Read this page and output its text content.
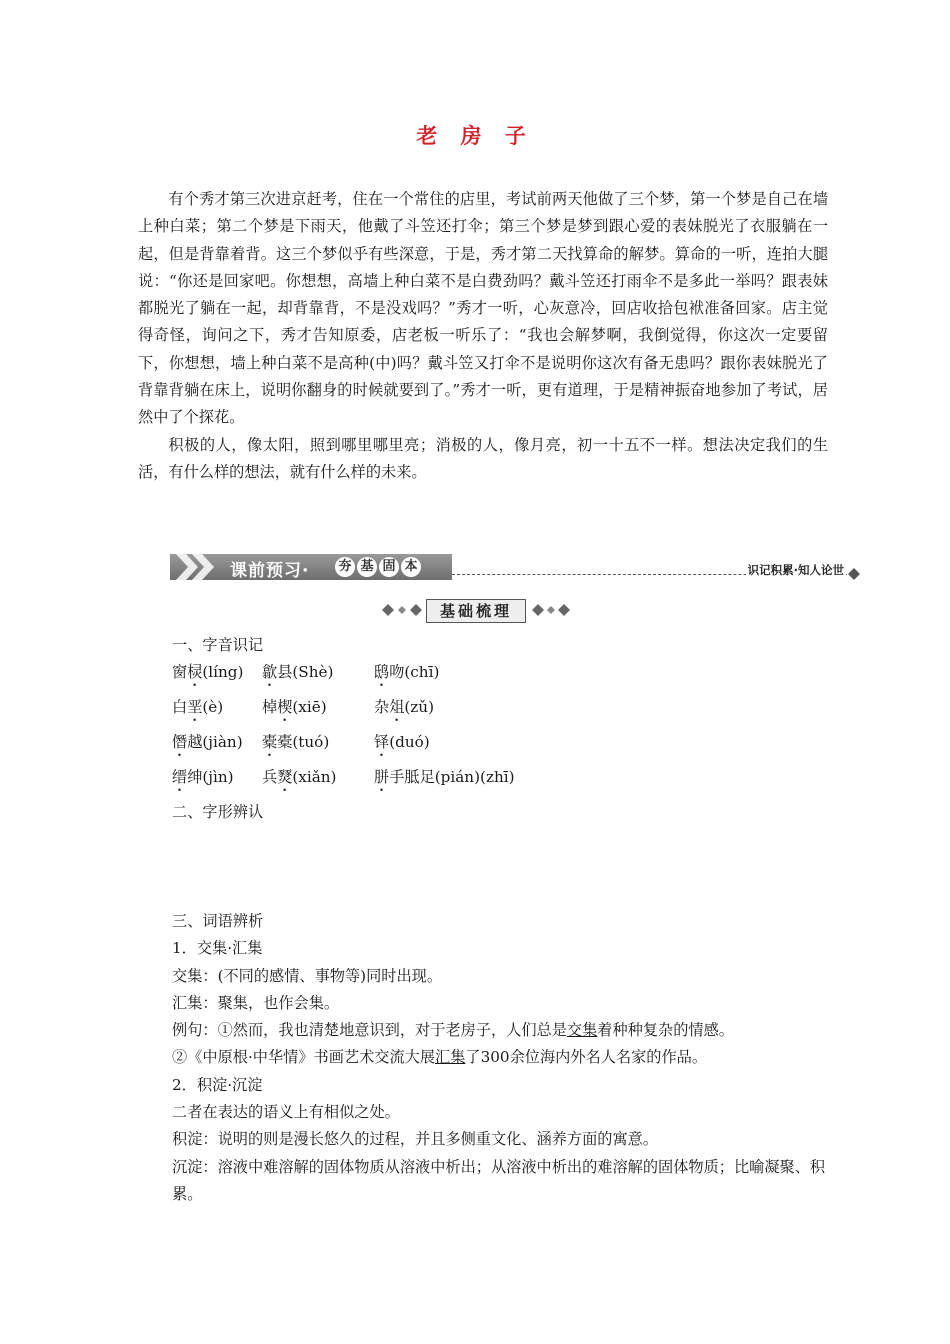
老 房 子

有个秀才第三次进京赶考，住在一个常住的店里，考试前两天他做了三个梦，第一个梦是自己在墙上种白菜；第二个梦是下雨天，他戴了斗笠还打伞；第三个梦是梦到跟心爱的表妹脱光了衣服躺在一起，但是背靠着背。这三个梦似乎有些深意，于是，秀才第二天找算命的解梦。算命的一听，连拍大腿说：“你还是回家吧。你想想，高墙上种白菜不是白费劲吗？戴斗笠还打雨伞不是多此一举吗？跟表妹都脱光了躺在一起，却背靠背，不是没戏吗？”秀才一听，心灰意冷，回店收拾包袱准备回家。店主觉得奇怪，询问之下，秀才告知原委，店老板一听乐了：“我也会解梦啊，我倒觉得，你这次一定要留下，你想想，墙上种白菜不是高种(中)吗？戴斗笠又打伞不是说明你这次有备无患吗？跟你表妹脱光了背靠背躺在床上，说明你翻身的时候就要到了。”秀才一听，更有道理，于是精神振奋地参加了考试，居然中了个探花。

积极的人，像太阳，照到哪里哪里亮；消极的人，像月亮，初一十五不一样。想法决定我们的生活，有什么样的想法，就有什么样的未来。

课前预习· 夯 基 固 本	识记积累·知人论世
基础梳理
一、字音识记
窗棂(líng) 歙县(Shè)	鸱吻(chī)
白垩(è)	棹楔(xiē)	杂俎(zǔ)
僭越(jiàn) 橐橐(tuó)	铎(duó)
缙绅(jìn) 兵燹(xiǎn) 胼手胝足(pián)(zhī)
二、字形辨认

三、词语辨析

1．交集·汇集

交集：(不同的感情、事物等)同时出现。

汇集：聚集，也作会集。

例句：①然而，我也清楚地意识到，对于老房子，人们总是交集着种种复杂的情感。

②《中原根·中华情》书画艺术交流大展汇集了300余位海内外名人名家的作品。

2．积淀·沉淀

二者在表达的语义上有相似之处。

积淀：说明的则是漫长悠久的过程，并且多侧重文化、涵养方面的寓意。

沉淀：溶液中难溶解的固体物质从溶液中析出；从溶液中析出的难溶解的固体物质；比喻凝聚、积累。
